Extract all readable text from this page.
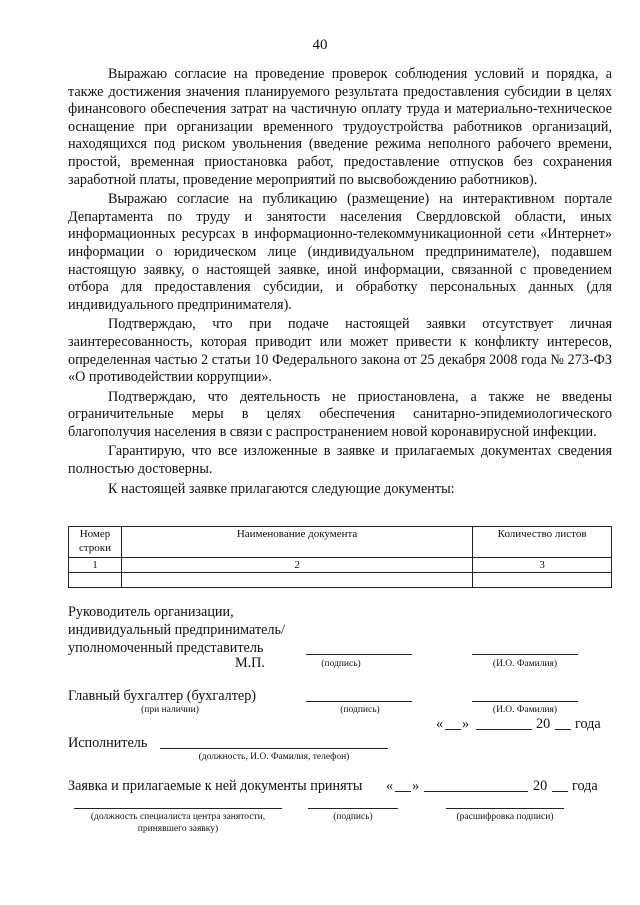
40

Выражаю согласие на проведение проверок соблюдения условий и порядка, а также достижения значения планируемого результата предоставления субсидии в целях финансового обеспечения затрат на частичную оплату труда и материально-техническое оснащение при организации временного трудоустройства работников организаций, находящихся под риском увольнения (введение режима неполного рабочего времени, простой, временная приостановка работ, предоставление отпусков без сохранения заработной платы, проведение мероприятий по высвобождению работников).

Выражаю согласие на публикацию (размещение) на интерактивном портале Департамента по труду и занятости населения Свердловской области, иных информационных ресурсах в информационно-телекоммуникационной сети «Интернет» информации о юридическом лице (индивидуальном предпринимателе), подавшем настоящую заявку, о настоящей заявке, иной информации, связанной с проведением отбора для предоставления субсидии, и обработку персональных данных (для индивидуального предпринимателя).

Подтверждаю, что при подаче настоящей заявки отсутствует личная заинтересованность, которая приводит или может привести к конфликту интересов, определенная частью 2 статьи 10 Федерального закона от 25 декабря 2008 года № 273-ФЗ «О противодействии коррупции».

Подтверждаю, что деятельность не приостановлена, а также не введены ограничительные меры в целях обеспечения санитарно-эпидемиологического благополучия населения в связи с распространением новой коронавирусной инфекции.

Гарантирую, что все изложенные в заявке и прилагаемых документах сведения полностью достоверны.

К настоящей заявке прилагаются следующие документы:

Номер строки	Наименование документа	Количество листов
1	2	3

Руководитель организации,
индивидуальный предприниматель/
уполномоченный представитель
М.П.	(подпись)	(И.О. Фамилия)
Главный бухгалтер (бухгалтер)
(при наличии)	(подпись)	(И.О. Фамилия)
« »	20 года
Исполнитель
(должность, И.О. Фамилия, телефон)
Заявка и прилагаемые к ней документы приняты « »	20 года
(должность специалиста центра занятости,
принявшего заявку)
(подпись)	(расшифровка подписи)
